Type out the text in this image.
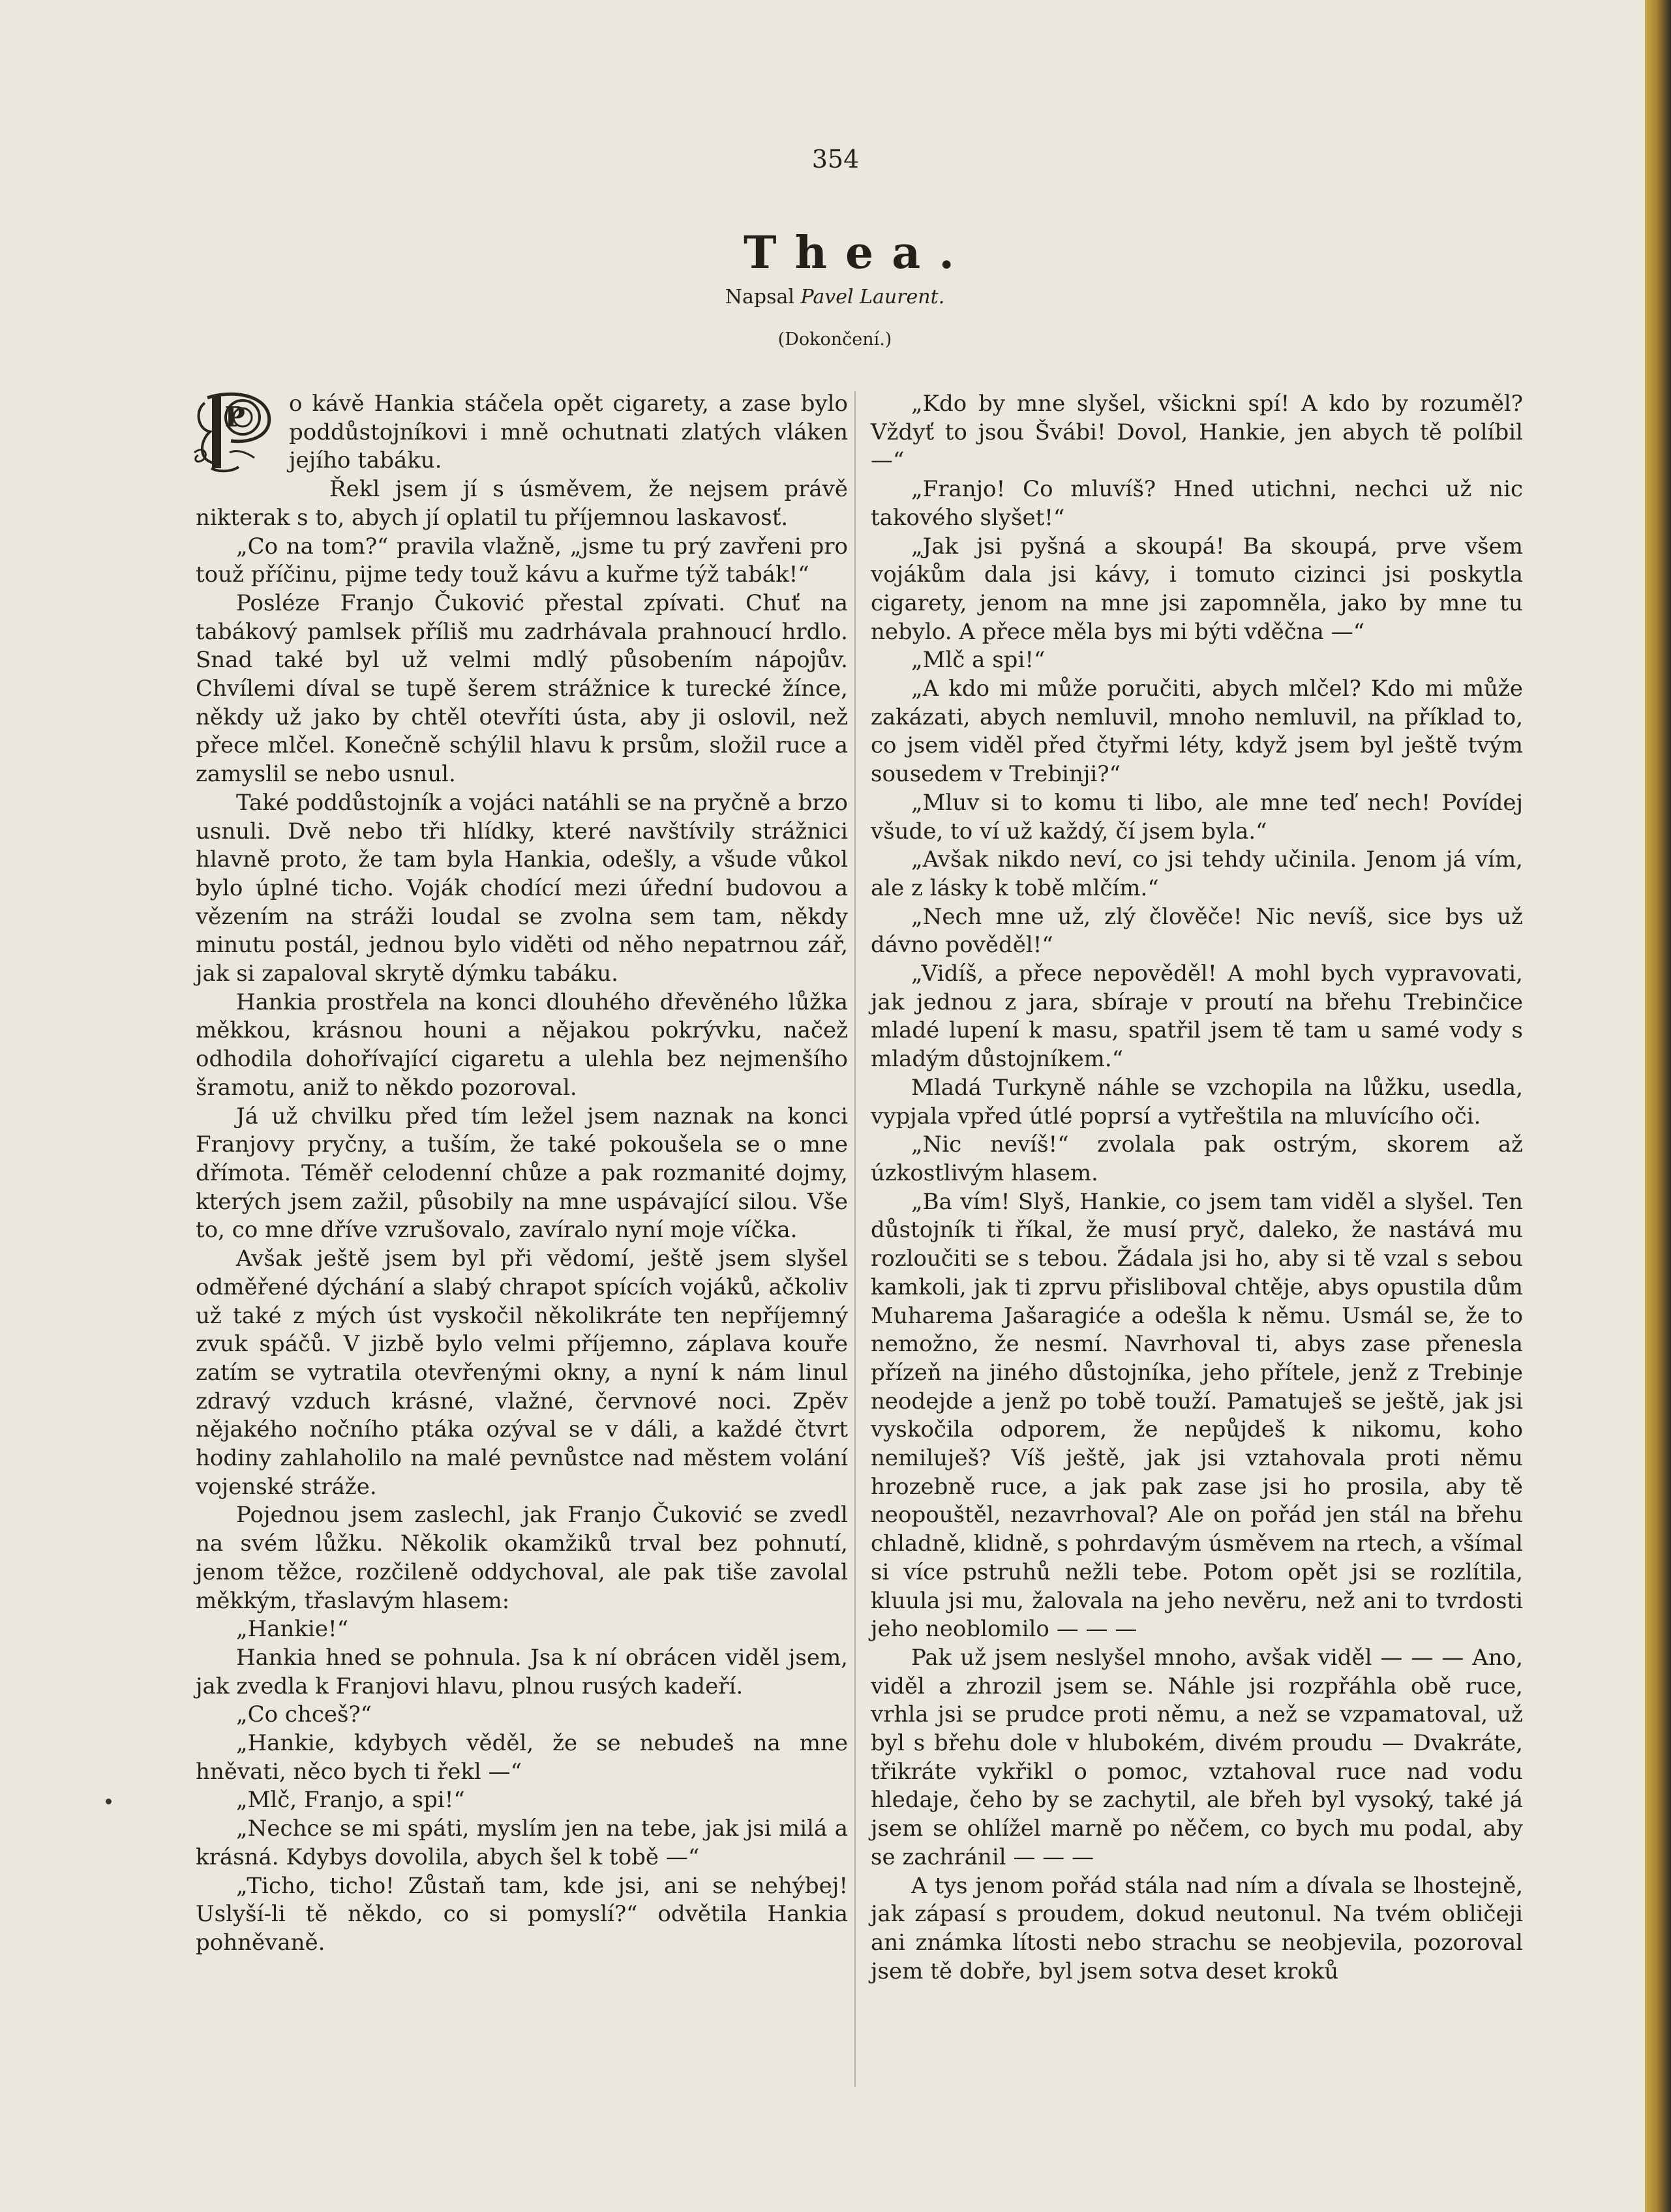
354
Thea.
Napsal Pavel Laurent.
(Dokončení.)
P	o kávě Hankia stáčela opět cigarety, a zase bylo poddůstojníkovi i mně ochutnati zlatých vláken jejího tabáku.

Řekl jsem jí s úsměvem, že nejsem právě nikterak s to, abych jí oplatil tu příjemnou laskavosť.

„Co na tom?“ pravila vlažně, „jsme tu prý zavřeni pro touž příčinu, pijme tedy touž kávu a kuřme týž tabák!“

Posléze Franjo Čuković přestal zpívati. Chuť na tabákový pamlsek příliš mu zadrhávala prahnoucí hrdlo. Snad také byl už velmi mdlý působením nápojův. Chvílemi díval se tupě šerem strážnice k turecké žínce, někdy už jako by chtěl otevříti ústa, aby ji oslovil, než přece mlčel. Konečně schýlil hlavu k prsům, složil ruce a zamyslil se nebo usnul.

Také poddůstojník a vojáci natáhli se na pryčně a brzo usnuli. Dvě nebo tři hlídky, které navštívily strážnici hlavně proto, že tam byla Hankia, odešly, a všude vůkol bylo úplné ticho. Voják chodící mezi úřední budovou a vězením na stráži loudal se zvolna sem tam, někdy minutu postál, jednou bylo viděti od něho nepatrnou zář, jak si zapaloval skrytě dýmku tabáku.

Hankia prostřela na konci dlouhého dřevěného lůžka měkkou, krásnou houni a nějakou pokrývku, načež odhodila dohořívající cigaretu a ulehla bez nejmenšího šramotu, aniž to někdo pozoroval.

Já už chvilku před tím ležel jsem naznak na konci Franjovy pryčny, a tuším, že také pokoušela se o mne dřímota. Téměř celodenní chůze a pak rozmanité dojmy, kterých jsem zažil, působily na mne uspávající silou. Vše to, co mne dříve vzrušovalo, zavíralo nyní moje víčka.

Avšak ještě jsem byl při vědomí, ještě jsem slyšel odměřené dýchání a slabý chrapot spících vojáků, ačkoliv už také z mých úst vyskočil několikráte ten nepříjemný zvuk spáčů. V jizbě bylo velmi příjemno, záplava kouře zatím se vytratila otevřenými okny, a nyní k nám linul zdravý vzduch krásné, vlažné, červnové noci. Zpěv nějakého nočního ptáka ozýval se v dáli, a každé čtvrt hodiny zahlaholilo na malé pevnůstce nad městem volání vojenské stráže.

Pojednou jsem zaslechl, jak Franjo Čuković se zvedl na svém lůžku. Několik okamžiků trval bez pohnutí, jenom těžce, rozčileně oddychoval, ale pak tiše zavolal měkkým, třaslavým hlasem:

„Hankie!“

Hankia hned se pohnula. Jsa k ní obrácen viděl jsem, jak zvedla k Franjovi hlavu, plnou rusých kadeří.

„Co chceš?“

„Hankie, kdybych věděl, že se nebudeš na mne hněvati, něco bych ti řekl —“

„Mlč, Franjo, a spi!“

„Nechce se mi spáti, myslím jen na tebe, jak jsi milá a krásná. Kdybys dovolila, abych šel k tobě —“

„Ticho, ticho! Zůstaň tam, kde jsi, ani se nehýbej! Uslyší-li tě někdo, co si pomyslí?“ odvětila Hankia pohněvaně.

„Kdo by mne slyšel, všickni spí! A kdo by rozuměl? Vždyť to jsou Švábi! Dovol, Hankie, jen abych tě políbil —“

„Franjo! Co mluvíš? Hned utichni, nechci už nic takového slyšet!“

„Jak jsi pyšná a skoupá! Ba skoupá, prve všem vojákům dala jsi kávy, i tomuto cizinci jsi poskytla cigarety, jenom na mne jsi zapomněla, jako by mne tu nebylo. A přece měla bys mi býti vděčna —“

„Mlč a spi!“

„A kdo mi může poručiti, abych mlčel? Kdo mi může zakázati, abych nemluvil, mnoho nemluvil, na příklad to, co jsem viděl před čtyřmi léty, když jsem byl ještě tvým sousedem v Trebinji?“

„Mluv si to komu ti libo, ale mne teď nech! Povídej všude, to ví už každý, čí jsem byla.“

„Avšak nikdo neví, co jsi tehdy učinila. Jenom já vím, ale z lásky k tobě mlčím.“

„Nech mne už, zlý člověče! Nic nevíš, sice bys už dávno pověděl!“

„Vidíš, a přece nepověděl! A mohl bych vypravovati, jak jednou z jara, sbíraje v proutí na břehu Trebinčice mladé lupení k masu, spatřil jsem tě tam u samé vody s mladým důstojníkem.“

Mladá Turkyně náhle se vzchopila na lůžku, usedla, vypjala vpřed útlé poprsí a vytřeštila na mluvícího oči.

„Nic nevíš!“ zvolala pak ostrým, skorem až úzkostlivým hlasem.

„Ba vím! Slyš, Hankie, co jsem tam viděl a slyšel. Ten důstojník ti říkal, že musí pryč, daleko, že nastává mu rozloučiti se s tebou. Žádala jsi ho, aby si tě vzal s sebou kamkoli, jak ti zprvu přisliboval chtěje, abys opustila dům Muharema Jašaragiće a odešla k němu. Usmál se, že to nemožno, že nesmí. Navrhoval ti, abys zase přenesla přízeň na jiného důstojníka, jeho přítele, jenž z Trebinje neodejde a jenž po tobě touží. Pamatuješ se ještě, jak jsi vyskočila odporem, že nepůjdeš k nikomu, koho nemiluješ? Víš ještě, jak jsi vztahovala proti němu hrozebně ruce, a jak pak zase jsi ho prosila, aby tě neopouštěl, nezavrhoval? Ale on pořád jen stál na břehu chladně, klidně, s pohrdavým úsměvem na rtech, a všímal si více pstruhů nežli tebe. Potom opět jsi se rozlítila, kluula jsi mu, žalovala na jeho nevěru, než ani to tvrdosti jeho neoblomilo — — —

Pak už jsem neslyšel mnoho, avšak viděl — — — Ano, viděl a zhrozil jsem se. Náhle jsi rozpřáhla obě ruce, vrhla jsi se prudce proti němu, a než se vzpamatoval, už byl s břehu dole v hlubokém, divém proudu — Dvakráte, třikráte vykřikl o pomoc, vztahoval ruce nad vodu hledaje, čeho by se zachytil, ale břeh byl vysoký, také já jsem se ohlížel marně po něčem, co bych mu podal, aby se zachránil — — —

A tys jenom pořád stála nad ním a dívala se lhostejně, jak zápasí s proudem, dokud neutonul. Na tvém obličeji ani známka lítosti nebo strachu se neobjevila, pozoroval jsem tě dobře, byl jsem sotva deset kroků
